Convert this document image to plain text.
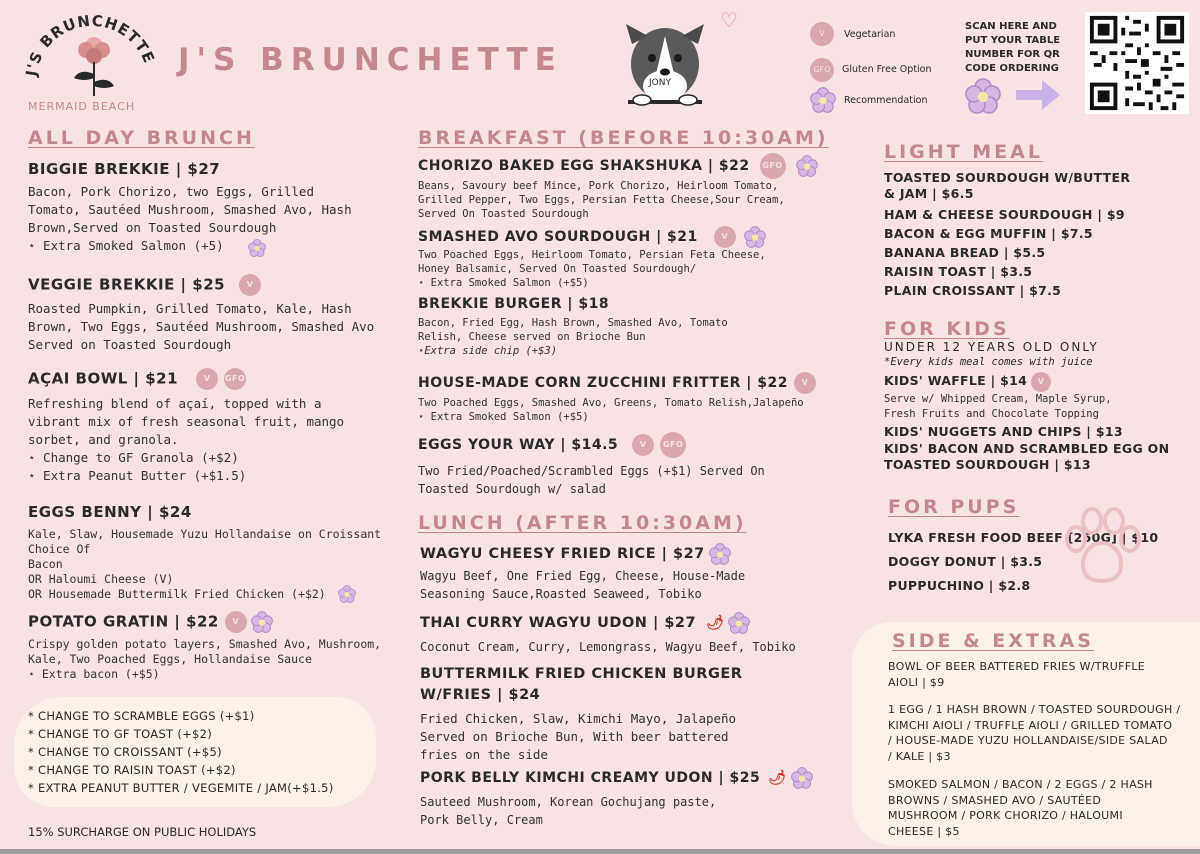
J'S BRUNCHETTE
MERMAID BEACH
J'S BRUNCHETTE
JONY
♡
V	Vegetarian
GFO	Gluten Free Option
Recommendation
SCAN HERE AND
PUT YOUR TABLE
NUMBER FOR QR
CODE ORDERING
ALL DAY BRUNCH
BIGGIE BREKKIE | $27
Bacon, Pork Chorizo, two Eggs, Grilled
Tomato, Sautéed Mushroom, Smashed Avo, Hash
Brown,Served on Toasted Sourdough
⋆ Extra Smoked Salmon (+5)
VEGGIE BREKKIE | $25	V
Roasted Pumpkin, Grilled Tomato, Kale, Hash
Brown, Two Eggs, Sautéed Mushroom, Smashed Avo
Served on Toasted Sourdough
AÇAI BOWL | $21	V GFO
Refreshing blend of açaí, topped with a
vibrant mix of fresh seasonal fruit, mango
sorbet, and granola.
⋆ Change to GF Granola (+$2)
⋆ Extra Peanut Butter (+$1.5)
EGGS BENNY | $24
Kale, Slaw, Housemade Yuzu Hollandaise on Croissant
Choice Of
Bacon
OR Haloumi Cheese (V)
OR Housemade Buttermilk Fried Chicken (+$2)
POTATO GRATIN | $22 V
Crispy golden potato layers, Smashed Avo, Mushroom,
Kale, Two Poached Eggs, Hollandaise Sauce
⋆ Extra bacon (+$5)
* CHANGE TO SCRAMBLE EGGS (+$1)
* CHANGE TO GF TOAST (+$2)
* CHANGE TO CROISSANT (+$5)
* CHANGE TO RAISIN TOAST (+$2)
* EXTRA PEANUT BUTTER / VEGEMITE / JAM(+$1.5)
15% SURCHARGE ON PUBLIC HOLIDAYS
BREAKFAST (BEFORE 10:30AM)
CHORIZO BAKED EGG SHAKSHUKA | $22 GFO
Beans, Savoury beef Mince, Pork Chorizo, Heirloom Tomato,
Grilled Pepper, Two Eggs, Persian Fetta Cheese,Sour Cream,
Served On Toasted Sourdough
SMASHED AVO SOURDOUGH | $21	V
Two Poached Eggs, Heirloom Tomato, Persian Feta Cheese,
Honey Balsamic, Served On Toasted Sourdough/
⋆ Extra Smoked Salmon (+$5)
BREKKIE BURGER | $18
Bacon, Fried Egg, Hash Brown, Smashed Avo, Tomato
Relish, Cheese served on Brioche Bun
⋆Extra side chip (+$3)
HOUSE-MADE CORN ZUCCHINI FRITTER | $22 V
Two Poached Eggs, Smashed Avo, Greens, Tomato Relish,Jalapeño
⋆ Extra Smoked Salmon (+$5)
EGGS YOUR WAY | $14.5	V GFO
Two Fried/Poached/Scrambled Eggs (+$1) Served On
Toasted Sourdough w/ salad
LUNCH (AFTER 10:30AM)
WAGYU CHEESY FRIED RICE | $27
Wagyu Beef, One Fried Egg, Cheese, House-Made
Seasoning Sauce,Roasted Seaweed, Tobiko
THAI CURRY WAGYU UDON | $27 🌶
Coconut Cream, Curry, Lemongrass, Wagyu Beef, Tobiko
BUTTERMILK FRIED CHICKEN BURGER
W/FRIES | $24
Fried Chicken, Slaw, Kimchi Mayo, Jalapeño
Served on Brioche Bun, With beer battered
fries on the side
PORK BELLY KIMCHI CREAMY UDON | $25 🌶
Sauteed Mushroom, Korean Gochujang paste,
Pork Belly, Cream
LIGHT MEAL
TOASTED SOURDOUGH W/BUTTER
& JAM | $6.5
HAM & CHEESE SOURDOUGH | $9
BACON & EGG MUFFIN | $7.5
BANANA BREAD | $5.5
RAISIN TOAST | $3.5
PLAIN CROISSANT | $7.5
FOR KIDS
UNDER 12 YEARS OLD ONLY
*Every kids meal comes with juice
KIDS' WAFFLE | $14 V
Serve w/ Whipped Cream, Maple Syrup,
Fresh Fruits and Chocolate Topping
KIDS' NUGGETS AND CHIPS | $13
KIDS' BACON AND SCRAMBLED EGG ON
TOASTED SOURDOUGH | $13
FOR PUPS
LYKA FRESH FOOD BEEF [250G] | $10
DOGGY DONUT | $3.5
PUPPUCHINO | $2.8
SIDE & EXTRAS
BOWL OF BEER BATTERED FRIES W/TRUFFLE
AIOLI | $9
1 EGG / 1 HASH BROWN / TOASTED SOURDOUGH /
KIMCHI AIOLI / TRUFFLE AIOLI / GRILLED TOMATO
/ HOUSE-MADE YUZU HOLLANDAISE/SIDE SALAD
/ KALE | $3
SMOKED SALMON / BACON / 2 EGGS / 2 HASH
BROWNS / SMASHED AVO / SAUTÉED
MUSHROOM / PORK CHORIZO / HALOUMI
CHEESE | $5
